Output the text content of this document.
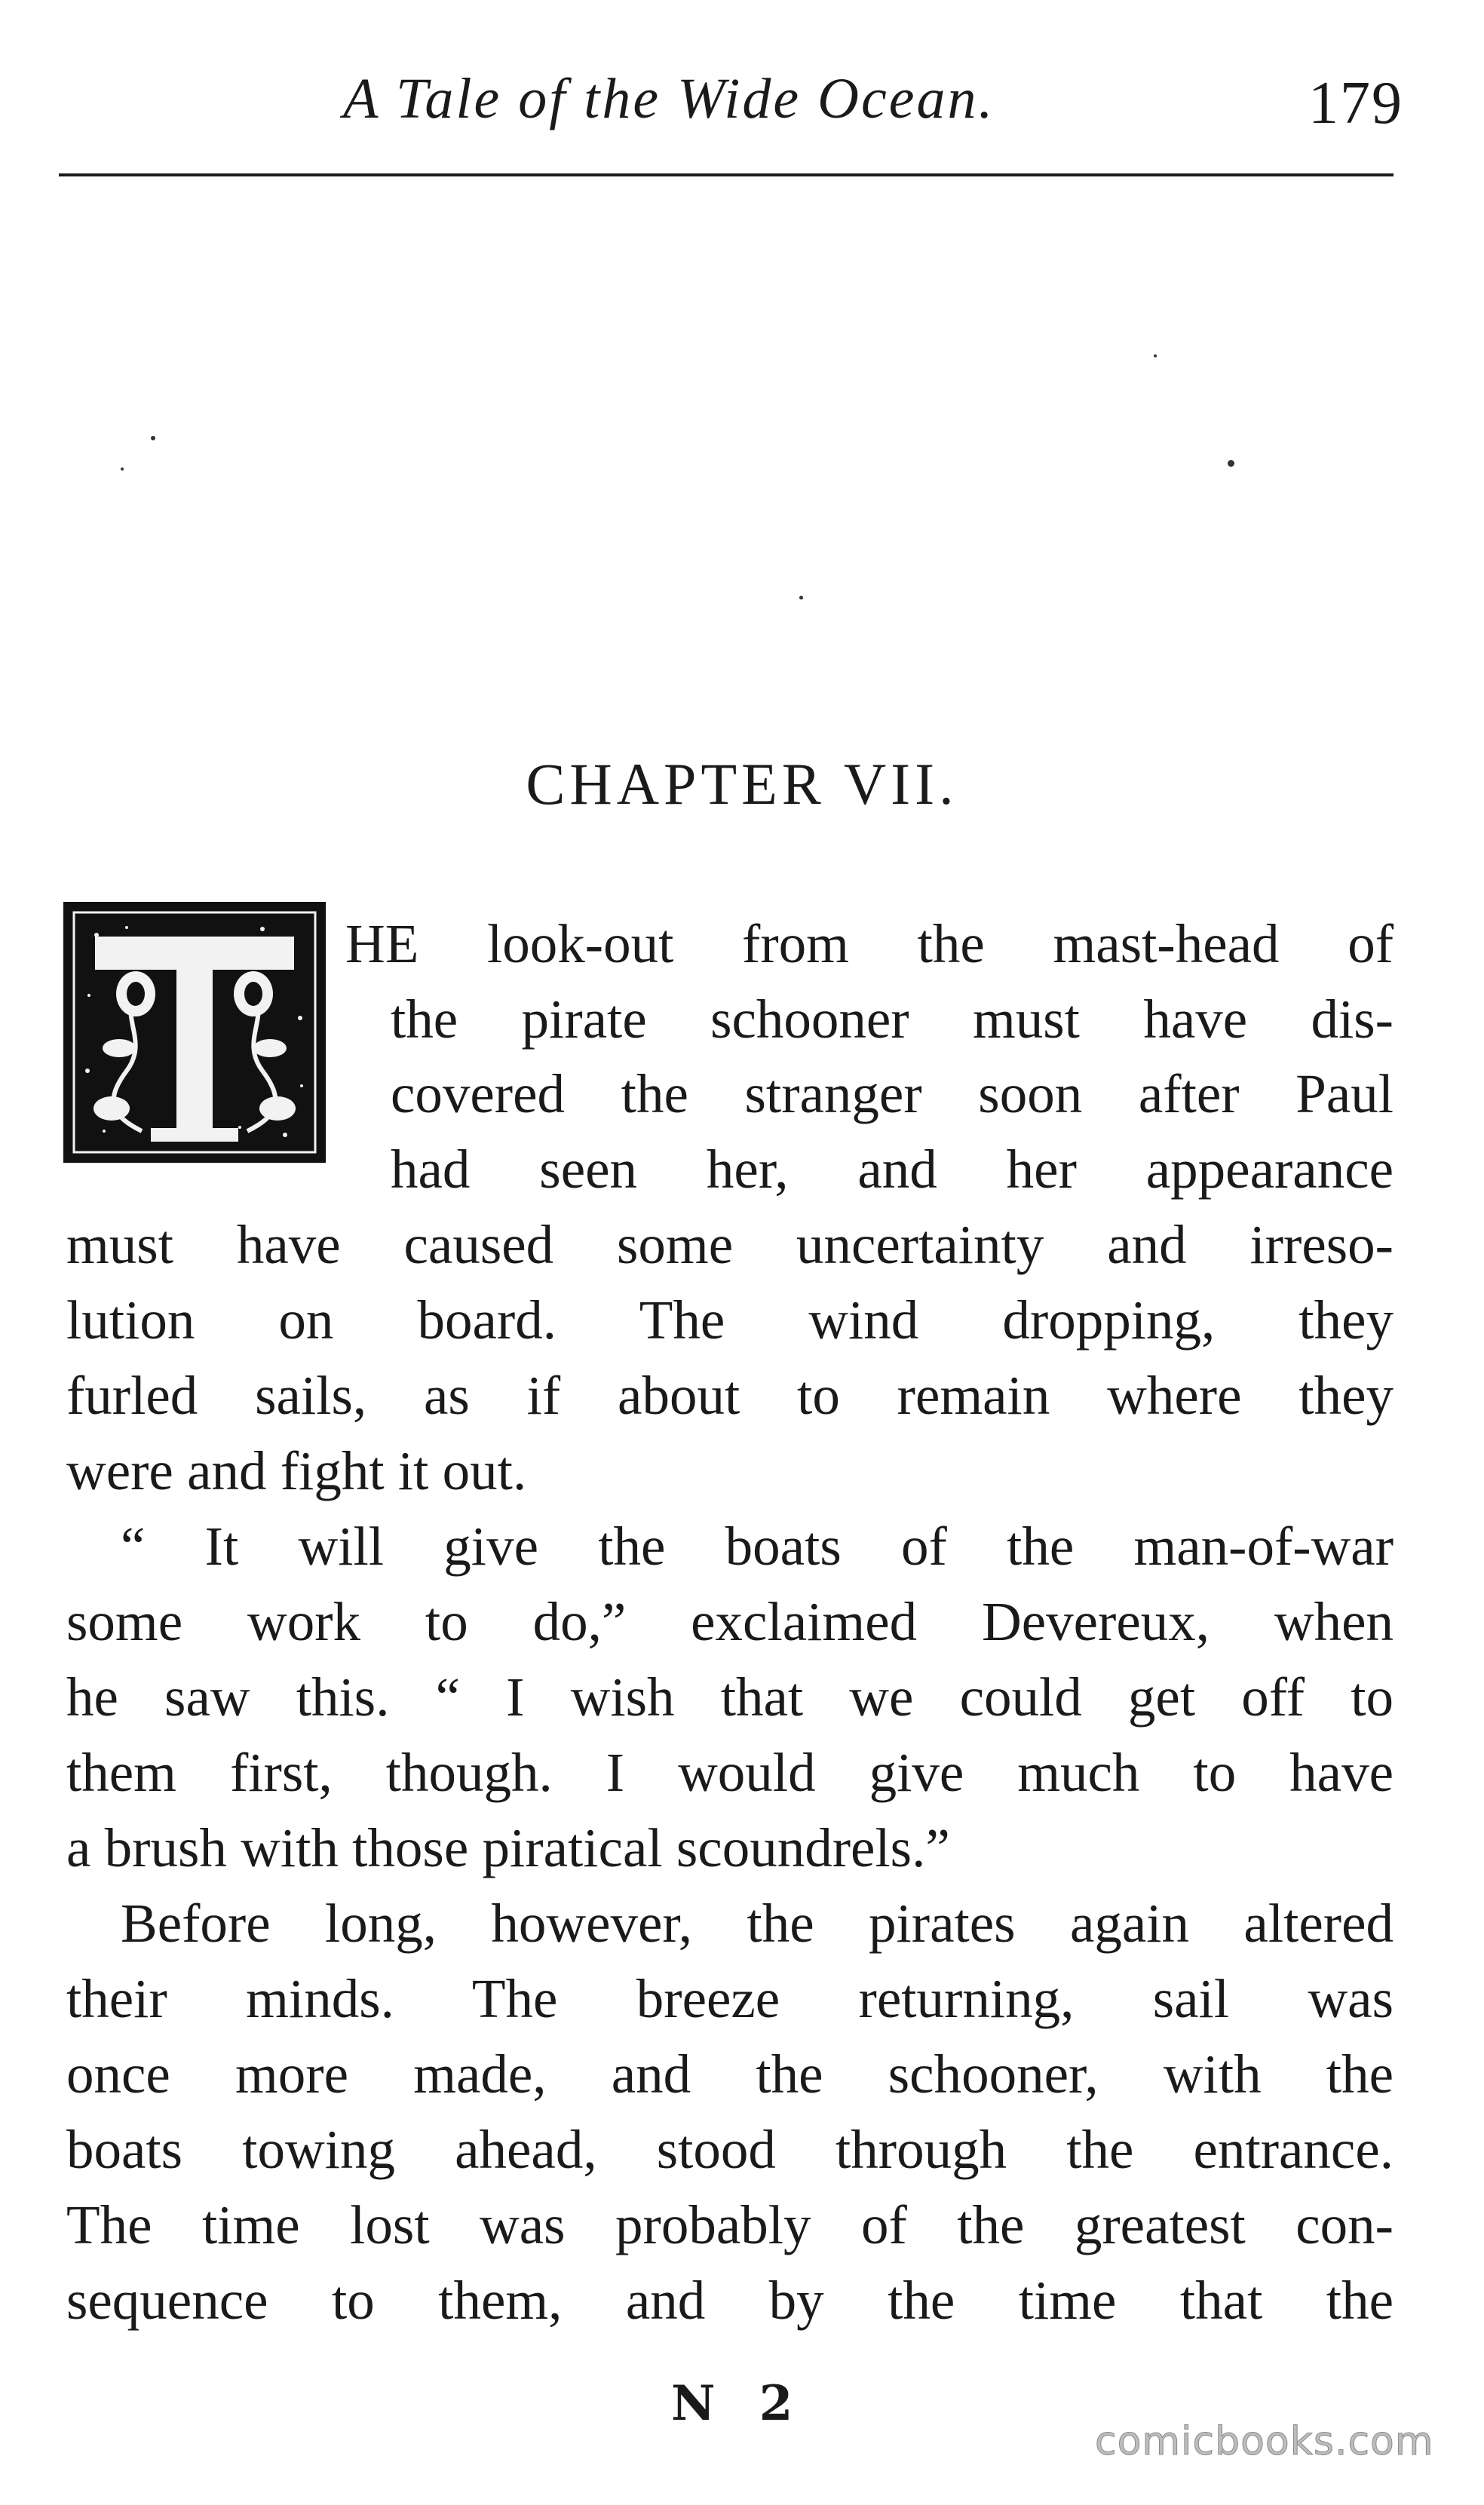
A Tale of the Wide Ocean.	179
CHAPTER VII.
HE look-out from the mast-head of
the pirate schooner must have dis-
covered the stranger soon after Paul
had seen her, and her appearance
must have caused some uncertainty and irreso-
lution on board. The wind dropping, they
furled sails, as if about to remain where they
were and fight it out.
“ It will give the boats of the man-of-war
some work to do,” exclaimed Devereux, when
he saw this. “ I wish that we could get off to
them first, though. I would give much to have
a brush with those piratical scoundrels.”
Before long, however, the pirates again altered
their minds. The breeze returning, sail was
once more made, and the schooner, with the
boats towing ahead, stood through the entrance.
The time lost was probably of the greatest con-
sequence to them, and by the time that the
N 2
comicbooks.com
